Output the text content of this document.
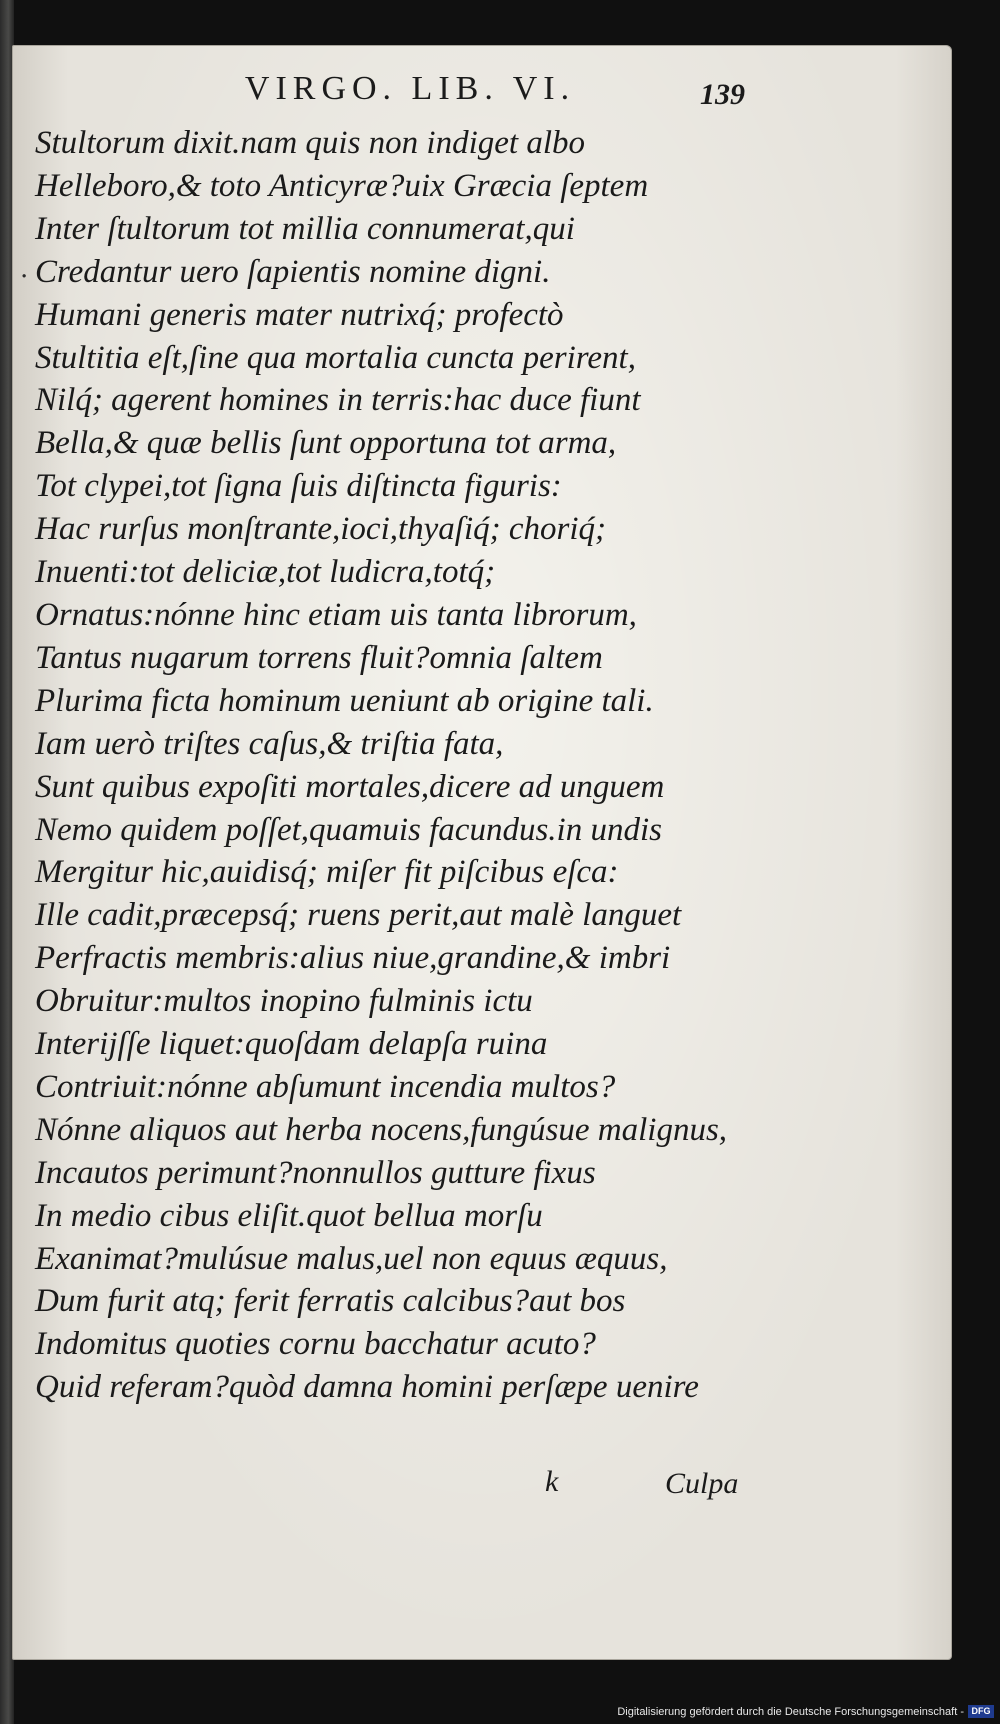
VIRGO. LIB. VI.	139
.
Stultorum dixit.nam quis non indiget albo
Helleboro,& toto Anticyræ?uix Græcia ſeptem
Inter ſtultorum tot millia connumerat,qui
Credantur uero ſapientis nomine digni.
Humani generis mater nutrixq́; profectò
Stultitia eſt,ſine qua mortalia cuncta perirent,
Nilq́; agerent homines in terris:hac duce fiunt
Bella,& quæ bellis ſunt opportuna tot arma,
Tot clypei,tot ſigna ſuis diſtincta figuris:
Hac rurſus monſtrante,ioci,thyaſiq́; choriq́;
Inuenti:tot deliciæ,tot ludicra,totq́;
Ornatus:nónne hinc etiam uis tanta librorum,
Tantus nugarum torrens fluit?omnia ſaltem
Plurima ficta hominum ueniunt ab origine tali.
Iam uerò triſtes caſus,& triſtia fata,
Sunt quibus expoſiti mortales,dicere ad unguem
Nemo quidem poſſet,quamuis facundus.in undis
Mergitur hic,auidisq́; miſer fit piſcibus eſca:
Ille cadit,præcepsq́; ruens perit,aut malè languet
Perfractis membris:alius niue,grandine,& imbri
Obruitur:multos inopino fulminis ictu
Interijſſe liquet:quoſdam delapſa ruina
Contriuit:nónne abſumunt incendia multos?
Nónne aliquos aut herba nocens,fungúsue malignus,
Incautos perimunt?nonnullos gutture fixus
In medio cibus eliſit.quot bellua morſu
Exanimat?mulúsue malus,uel non equus æquus,
Dum furit atq; ferit ferratis calcibus?aut bos
Indomitus quoties cornu bacchatur acuto?
Quid referam?quòd damna homini perſæpe uenire
k	Culpa
Digitalisierung gefördert durch die Deutsche Forschungsgemeinschaft - DFG
